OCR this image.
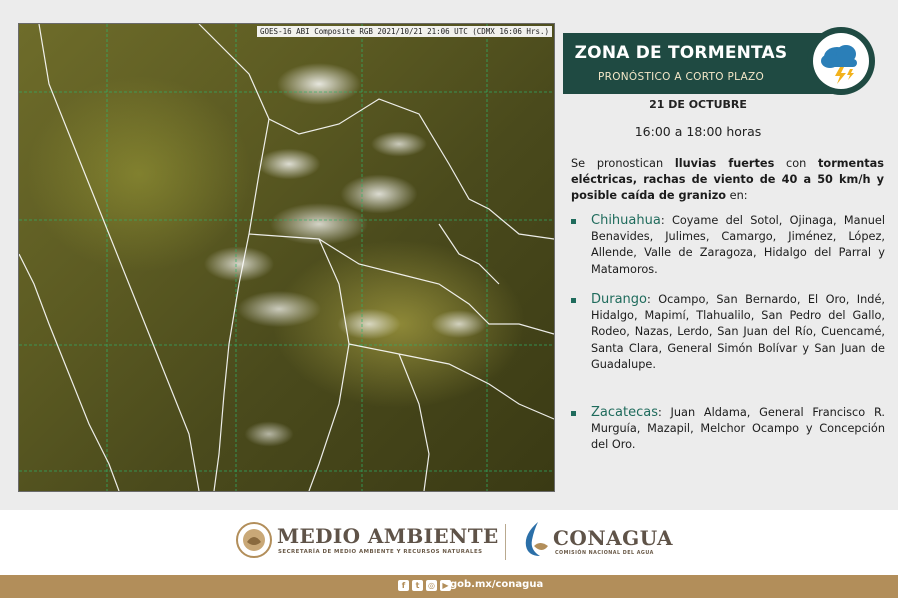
GOES-16 ABI Composite RGB 2021/10/21 21:06 UTC (CDMX 16:06 Hrs.)
ZONA DE TORMENTAS
PRONÓSTICO A CORTO PLAZO
21 DE OCTUBRE
16:00 a 18:00 horas
Se pronostican lluvias fuertes con tormentas eléctricas, rachas de viento de 40 a 50 km/h y posible caída de granizo en:
Chihuahua: Coyame del Sotol, Ojinaga, Manuel Benavides, Julimes, Camargo, Jiménez, López, Allende, Valle de Zaragoza, Hidalgo del Parral y Matamoros.
Durango: Ocampo, San Bernardo, El Oro, Indé, Hidalgo, Mapimí, Tlahualilo, San Pedro del Gallo, Rodeo, Nazas, Lerdo, San Juan del Río, Cuencamé, Santa Clara, General Simón Bolívar y San Juan de Guadalupe.
Zacatecas: Juan Aldama, General Francisco R. Murguía, Mazapil, Melchor Ocampo y Concepción del Oro.
MEDIO AMBIENTE
SECRETARÍA DE MEDIO AMBIENTE Y RECURSOS NATURALES
CONAGUA
COMISIÓN NACIONAL DEL AGUA
f	t	◎ ▶ gob.mx/conagua
